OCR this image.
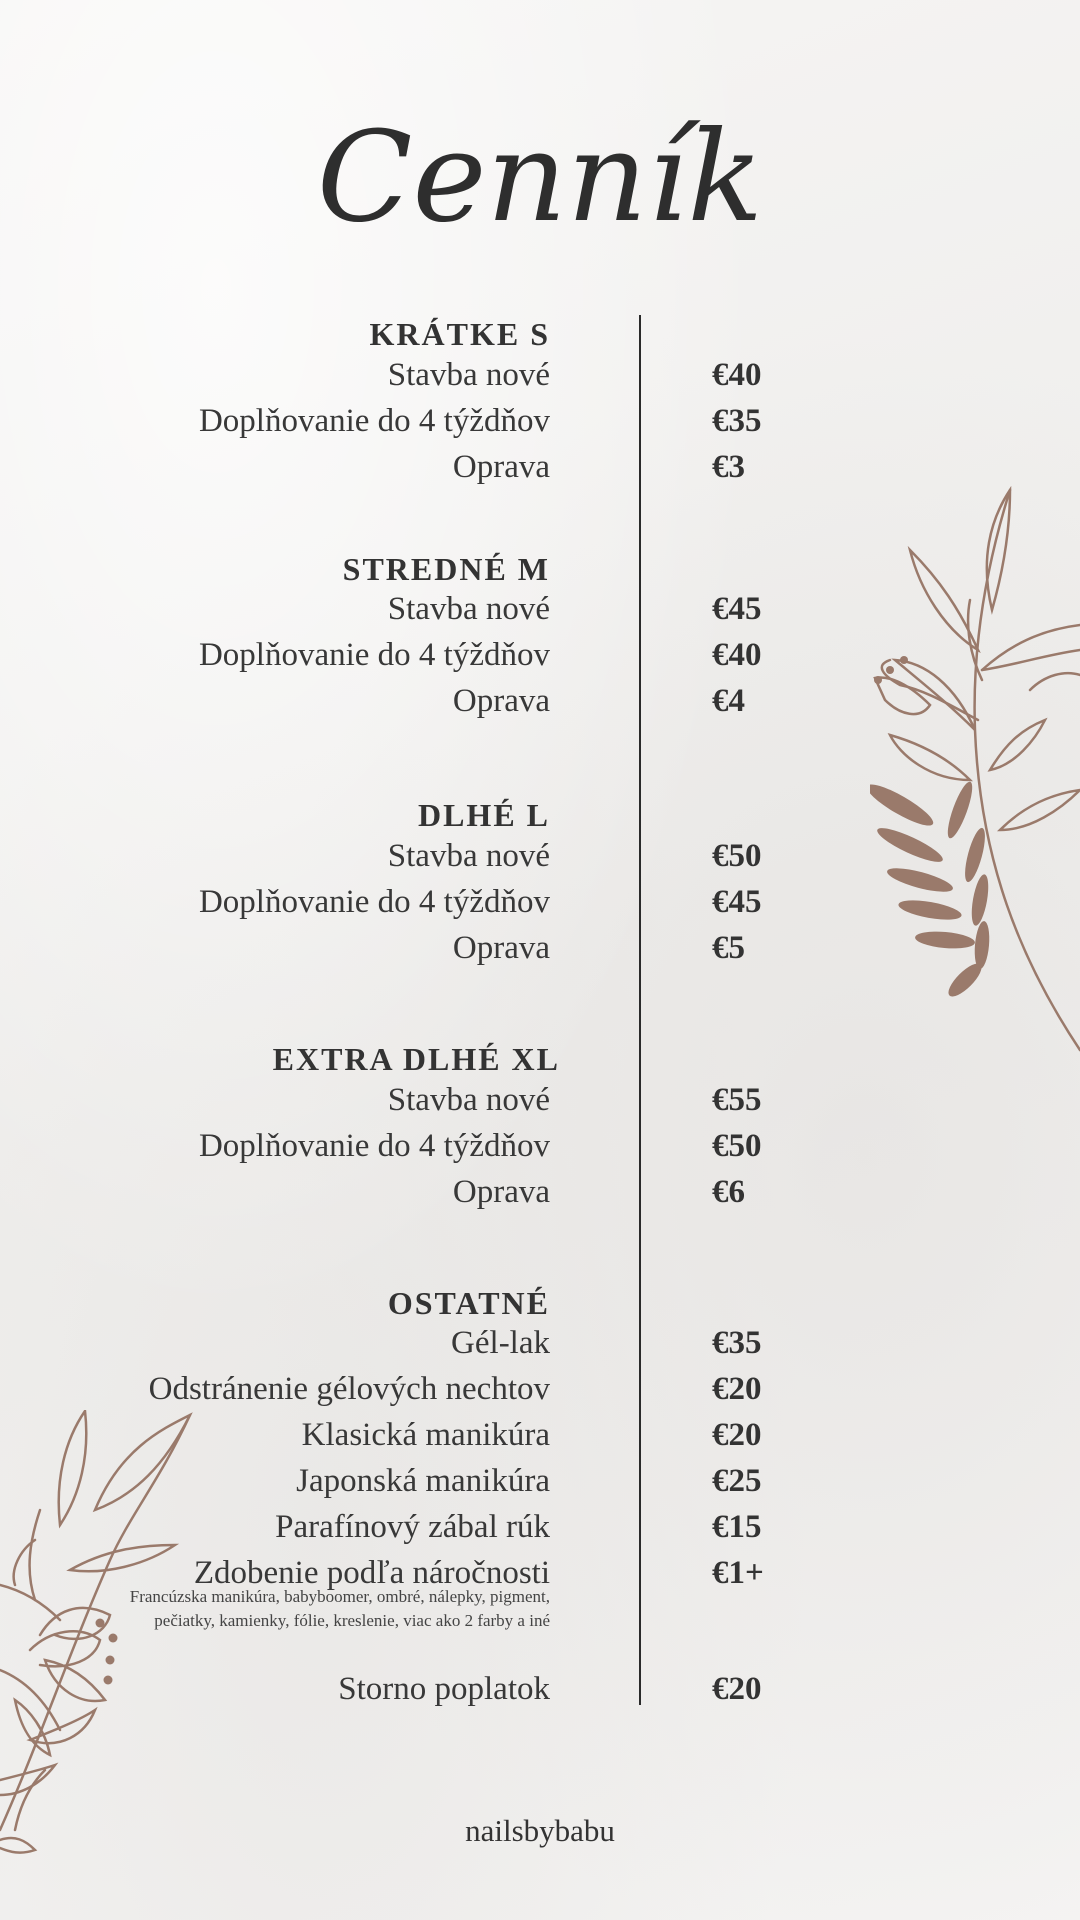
Cenník
KRÁTKE S
Stavba nové	€40
Doplňovanie do 4 týždňov	€35
Oprava	€3
STREDNÉ M
Stavba nové	€45
Doplňovanie do 4 týždňov	€40
Oprava	€4
DLHÉ L
Stavba nové	€50
Doplňovanie do 4 týždňov	€45
Oprava	€5
EXTRA DLHÉ XL
Stavba nové	€55
Doplňovanie do 4 týždňov	€50
Oprava	€6
OSTATNÉ
Gél-lak	€35
Odstránenie gélových nechtov	€20
Klasická manikúra	€20
Japonská manikúra	€25
Parafínový zábal rúk	€15
Zdobenie podľa náročnosti	€1+
Francúzska manikúra, babyboomer, ombré, nálepky, pigment, pečiatky, kamienky, fólie, kreslenie, viac ako 2 farby a iné
Storno poplatok	€20
nailsbybabu
